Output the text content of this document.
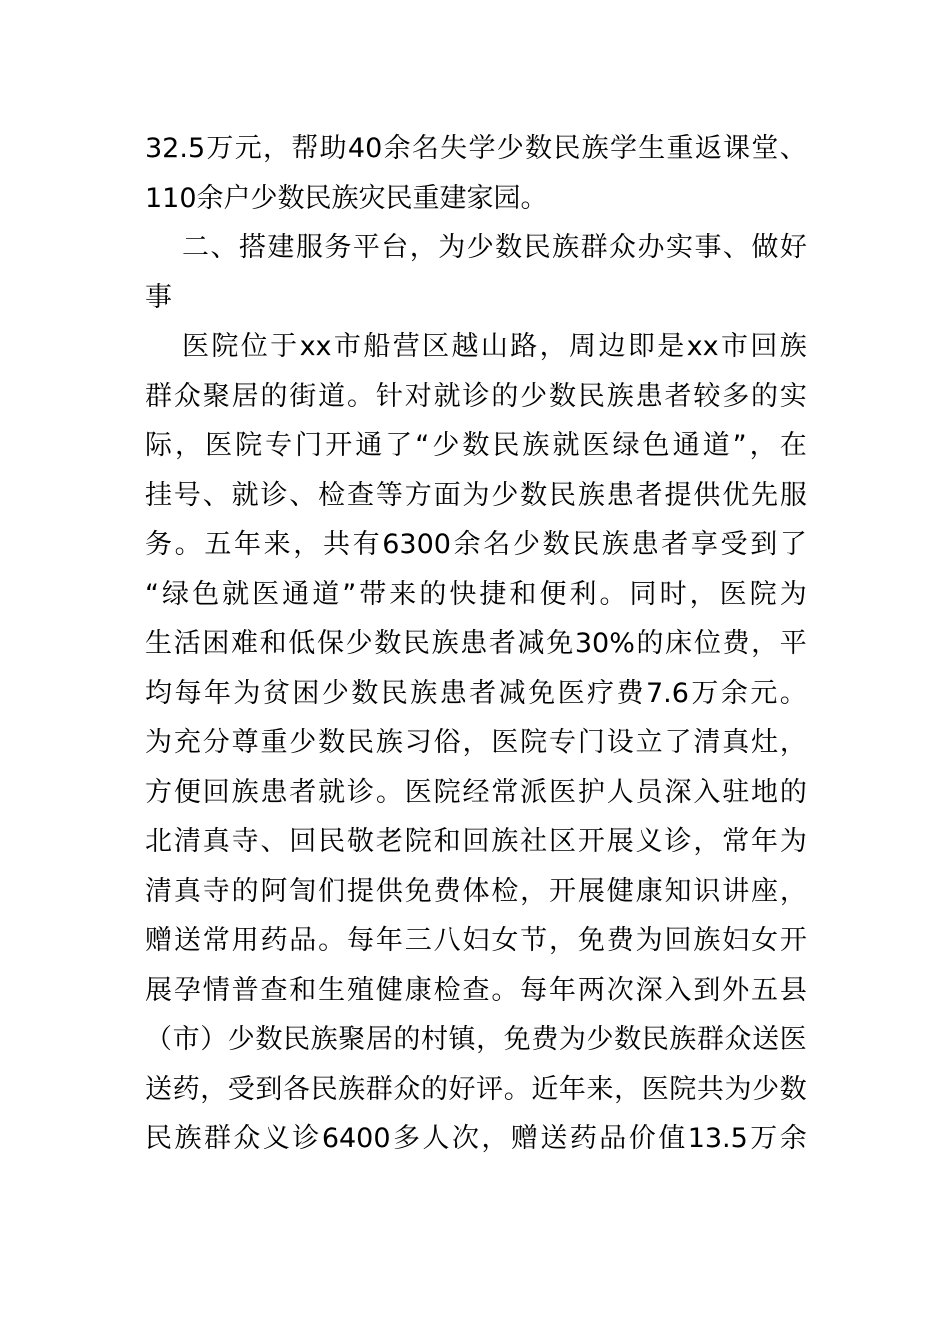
32.5 万 元 ， 帮 助 40 余 名 失 学 少 数 民 族 学 生 重 返 课 堂 、
110 余 户 少 数 民 族 灾 民 重 建 家 园 。
二 、 搭 建 服 务 平 台 ， 为 少 数 民 族 群 众 办 实 事 、 做 好
事
医 院 位 于 xx 市 船 营 区 越 山 路 ， 周 边 即 是 xx 市 回 族
群 众 聚 居 的 街 道 。 针 对 就 诊 的 少 数 民 族 患 者 较 多 的 实
际 ， 医 院 专 门 开 通 了 “ 少 数 民 族 就 医 绿 色 通 道 ” ， 在
挂 号 、 就 诊 、 检 查 等 方 面 为 少 数 民 族 患 者 提 供 优 先 服
务 。 五 年 来 ， 共 有 6300 余 名 少 数 民 族 患 者 享 受 到 了
“ 绿 色 就 医 通 道 ” 带 来 的 快 捷 和 便 利 。 同 时 ， 医 院 为
生 活 困 难 和 低 保 少 数 民 族 患 者 减 免 30% 的 床 位 费 ， 平
均 每 年 为 贫 困 少 数 民 族 患 者 减 免 医 疗 费 7.6 万 余 元 。
为 充 分 尊 重 少 数 民 族 习 俗 ， 医 院 专 门 设 立 了 清 真 灶 ，
方 便 回 族 患 者 就 诊 。 医 院 经 常 派 医 护 人 员 深 入 驻 地 的
北 清 真 寺 、 回 民 敬 老 院 和 回 族 社 区 开 展 义 诊 ， 常 年 为
清 真 寺 的 阿 訇 们 提 供 免 费 体 检 ， 开 展 健 康 知 识 讲 座 ，
赠 送 常 用 药 品 。 每 年 三 八 妇 女 节 ， 免 费 为 回 族 妇 女 开
展 孕 情 普 查 和 生 殖 健 康 检 查 。 每 年 两 次 深 入 到 外 五 县
（ 市 ） 少 数 民 族 聚 居 的 村 镇 ， 免 费 为 少 数 民 族 群 众 送 医
送 药 ， 受 到 各 民 族 群 众 的 好 评 。 近 年 来 ， 医 院 共 为 少 数
民 族 群 众 义 诊 6400 多 人 次 ， 赠 送 药 品 价 值 13.5 万 余
